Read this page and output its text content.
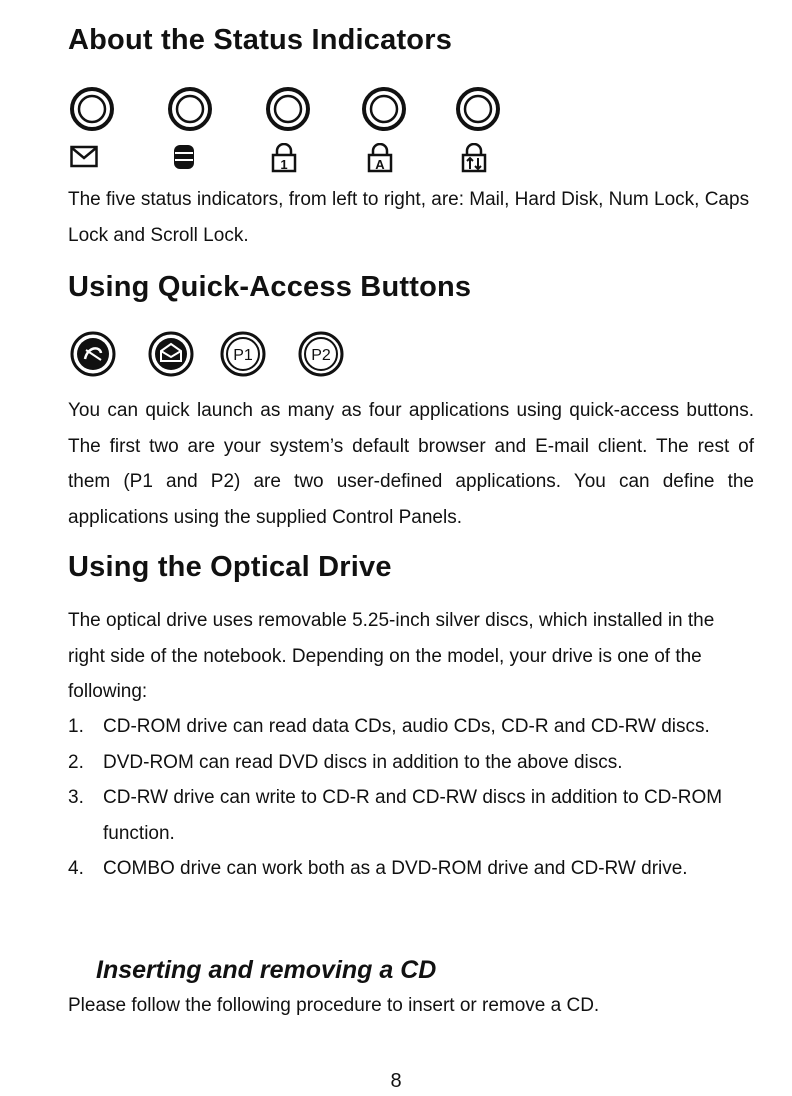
About the Status Indicators
1	A

The five status indicators, from left to right, are: Mail, Hard Disk, Num Lock, Caps Lock and Scroll Lock.

Using Quick-Access Buttons
P1	P2

You can quick launch as many as four applications using quick-access buttons. The first two are your system’s default browser and E-mail client. The rest of them (P1 and P2) are two user-defined applications. You can define the applications using the supplied Control Panels.

Using the Optical Drive

The optical drive uses removable 5.25-inch silver discs, which installed in the right side of the notebook. Depending on the model, your drive is one of the following:

1. CD-ROM drive can read data CDs, audio CDs, CD-R and CD-RW discs.
2. DVD-ROM can read DVD discs in addition to the above discs.
3. CD-RW drive can write to CD-R and CD-RW discs in addition to CD-ROM function.
4. COMBO drive can work both as a DVD-ROM drive and CD-RW drive.
Inserting and removing a CD

Please follow the following procedure to insert or remove a CD.

8
